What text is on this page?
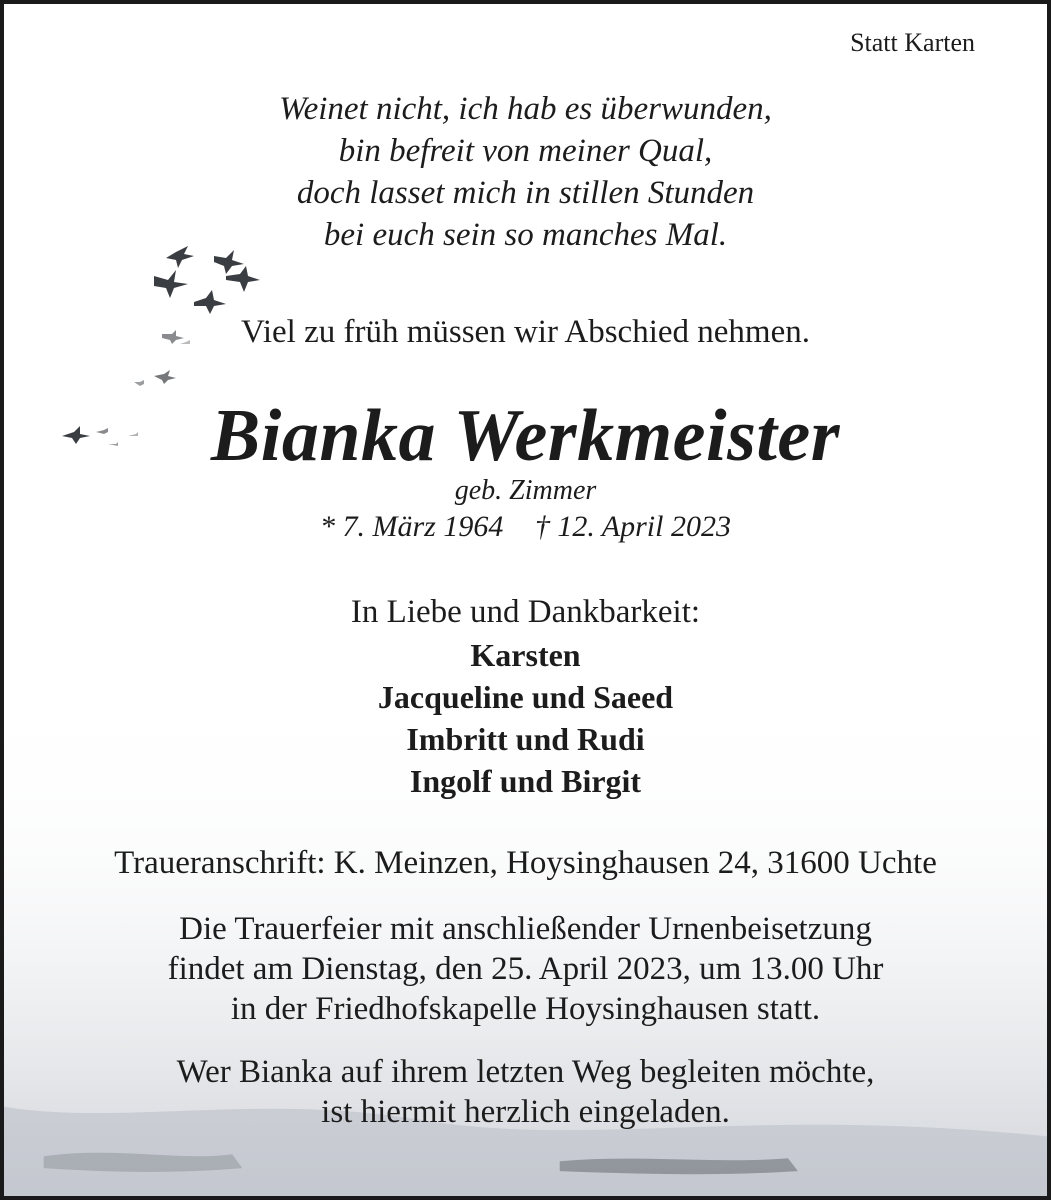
Statt Karten
Weinet nicht, ich hab es überwunden,
bin befreit von meiner Qual,
doch lasset mich in stillen Stunden
bei euch sein so manches Mal.
Viel zu früh müssen wir Abschied nehmen.
Bianka Werkmeister
geb. Zimmer
* 7. März 1964 † 12. April 2023
In Liebe und Dankbarkeit:
Karsten
Jacqueline und Saeed
Imbritt und Rudi
Ingolf und Birgit
Traueranschrift: K. Meinzen, Hoysinghausen 24, 31600 Uchte
Die Trauerfeier mit anschließender Urnenbeisetzung
findet am Dienstag, den 25. April 2023, um 13.00 Uhr
in der Friedhofskapelle Hoysinghausen statt.
Wer Bianka auf ihrem letzten Weg begleiten möchte,
ist hiermit herzlich eingeladen.
